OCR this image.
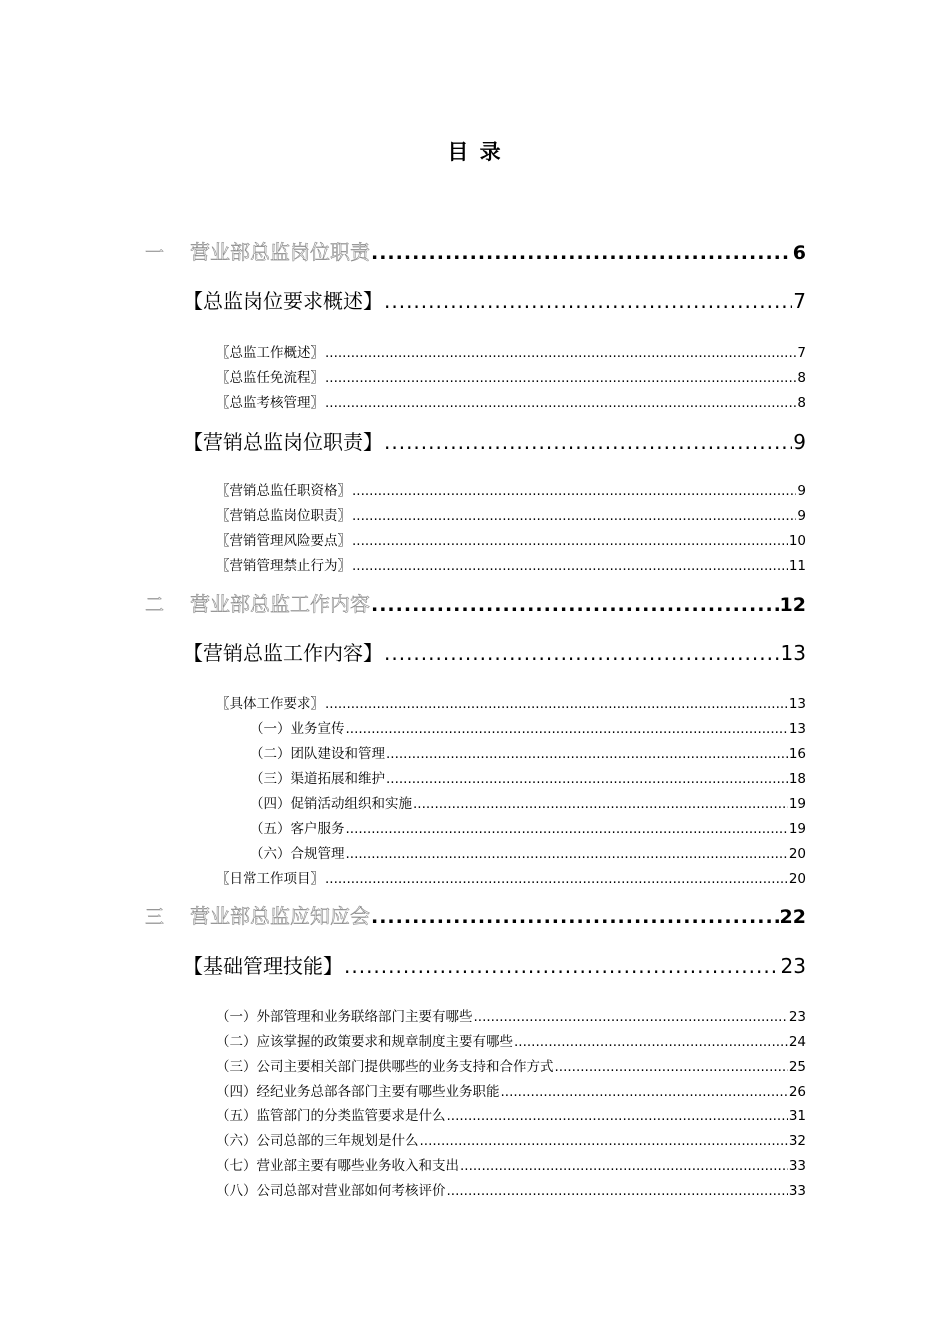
目 录
一	营业部总监岗位职责 .....	6
【总监岗位要求概述】 .....	7
〖总监工作概述〗 .....	7
〖总监任免流程〗 .....	8
〖总监考核管理〗 .....	8
【营销总监岗位职责】 .....	9
〖营销总监任职资格〗 .....	9
〖营销总监岗位职责〗 .....	9
〖营销管理风险要点〗 .....	10
〖营销管理禁止行为〗 .....	11
二	营业部总监工作内容 .....	12
【营销总监工作内容】 .....	13
〖具体工作要求〗 .....	13
（一）业务宣传 .....	13
（二）团队建设和管理 .....	16
（三）渠道拓展和维护 .....	18
（四）促销活动组织和实施 .....	19
（五）客户服务 .....	19
（六）合规管理 .....	20
〖日常工作项目〗 .....	20
三	营业部总监应知应会 .....	22
【基础管理技能】 .....	23
（一）外部管理和业务联络部门主要有哪些 .....	23
（二）应该掌握的政策要求和规章制度主要有哪些 .....	24
（三）公司主要相关部门提供哪些的业务支持和合作方式 .....	25
（四）经纪业务总部各部门主要有哪些业务职能 .....	26
（五）监管部门的分类监管要求是什么 .....	31
（六）公司总部的三年规划是什么 .....	32
（七）营业部主要有哪些业务收入和支出 .....	33
（八）公司总部对营业部如何考核评价 .....	33
